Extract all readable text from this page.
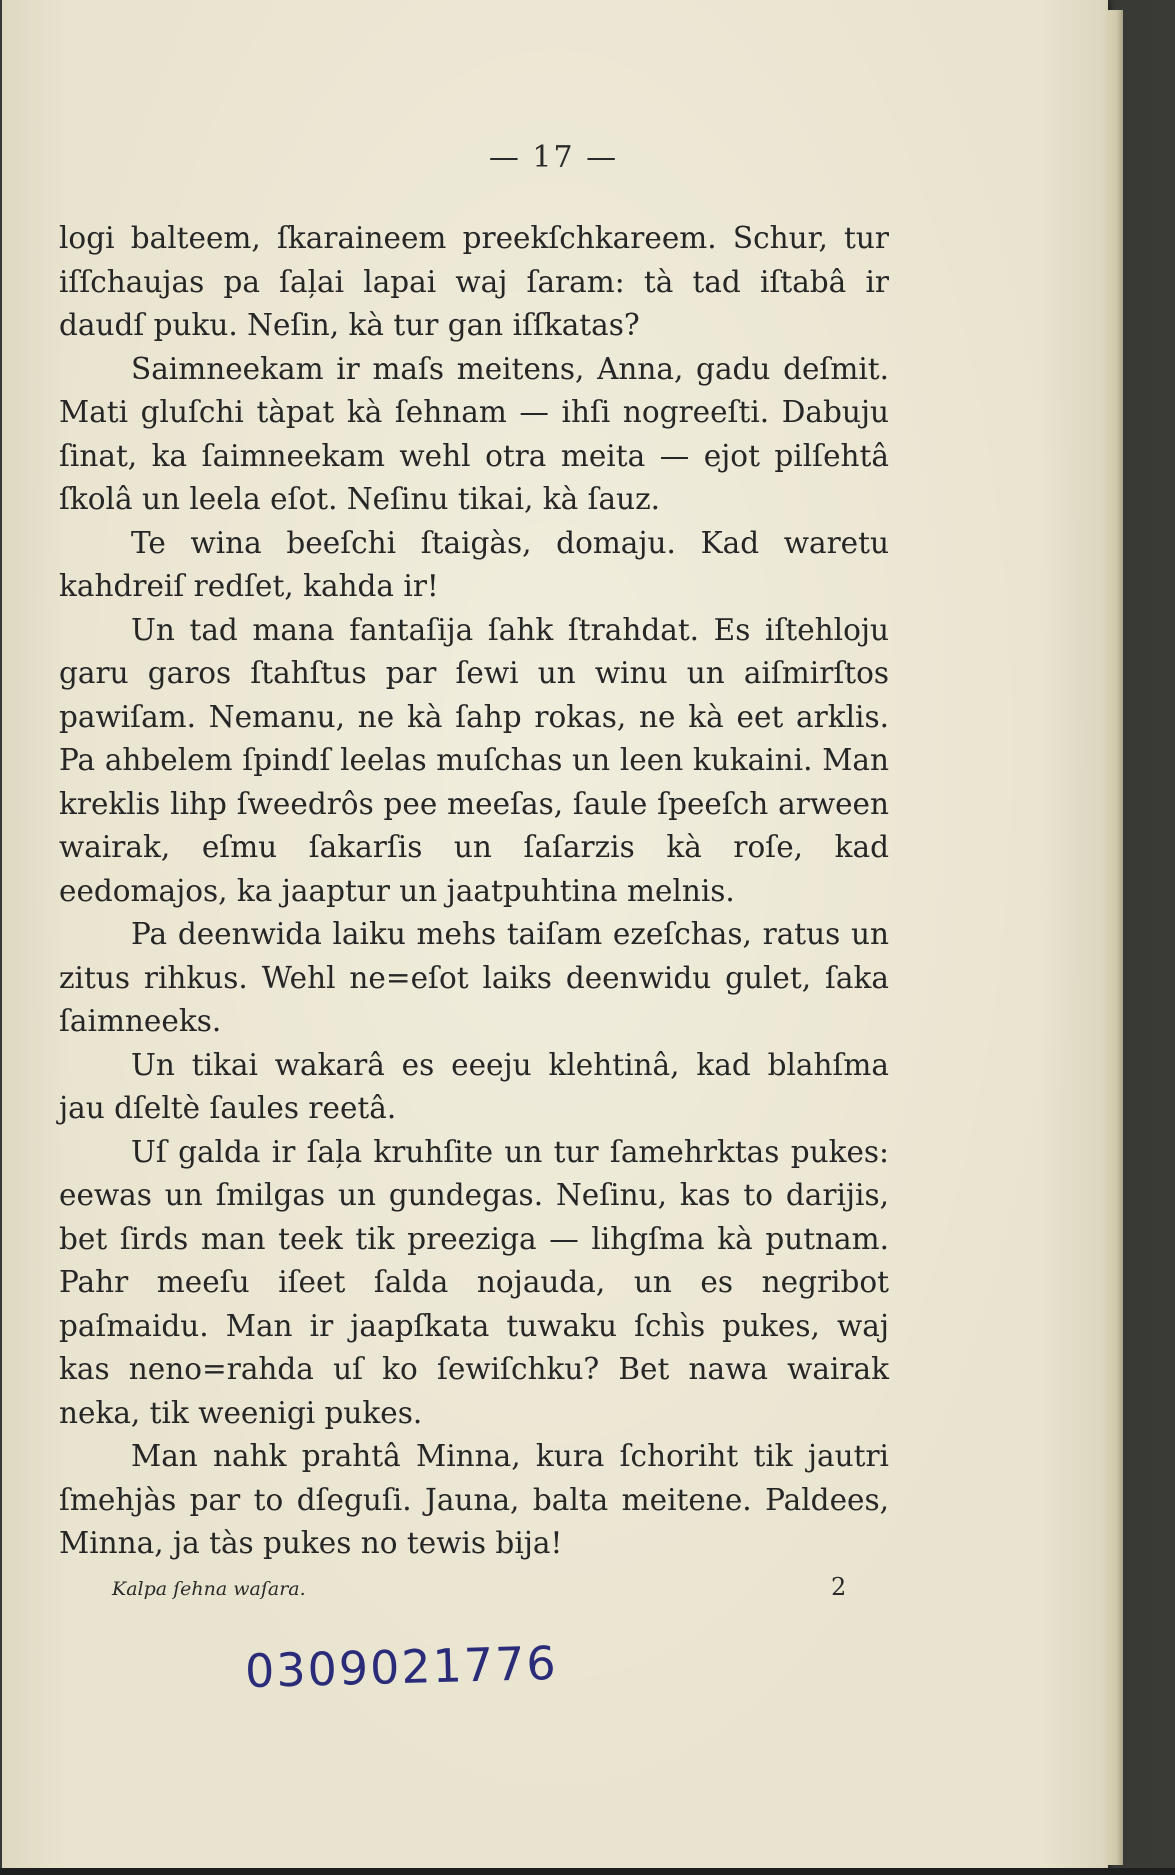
— 17 —

logi balteem, ſkaraineem preekſchkareem. Schur, tur iſſchaujas pa ſaļai lapai waj ſaram: tà tad iſtabâ ir daudſ puku. Neſin, kà tur gan iſſkatas?

Saimneekam ir maſs meitens, Anna, gadu deſmit. Mati gluſchi tàpat kà ſehnam — ihſi nogreeſti. Dabuju ſinat, ka ſaimneekam wehl otra meita — ejot pilſehtâ ſkolâ un leela eſot. Neſinu tikai, kà ſauz.

Te wina beeſchi ſtaigàs, domaju. Kad waretu kahdreiſ redſet, kahda ir!

Un tad mana fantaſija ſahk ſtrahdat. Es iſtehloju garu garos ſtahſtus par ſewi un winu un aiſmirſtos pawiſam. Nemanu, ne kà ſahp rokas, ne kà eet arklis. Pa ahbelem ſpindſ leelas muſchas un leen kukaini. Man kreklis lihp ſweedrôs pee meeſas, ſaule ſpeeſch arween wairak, eſmu ſakarſis un ſaſarzis kà roſe, kad eedomajos, ka jaaptur un jaatpuhtina melnis.

Pa deenwida laiku mehs taiſam ezeſchas, ratus un zitus rihkus. Wehl ne=eſot laiks deenwidu gulet, ſaka ſaimneeks.

Un tikai wakarâ es eeeju klehtinâ, kad blahſma jau dſeltè ſaules reetâ.

Uſ galda ir ſaļa kruhſite un tur ſamehrktas pukes: eewas un ſmilgas un gundegas. Neſinu, kas to darijis, bet ſirds man teek tik preeziga — lihgſma kà putnam. Pahr meeſu iſeet ſalda nojauda, un es negribot paſmaidu. Man ir jaapſkata tuwaku ſchìs pukes, waj kas neno=rahda uſ ko ſewiſchku? Bet nawa wairak neka, tik weenigi pukes.

Man nahk prahtâ Minna, kura ſchoriht tik jautri ſmehjàs par to dſeguſi. Jauna, balta meitene. Paldees, Minna, ja tàs pukes no tewis bija!

Kalpa ſehna waſara.	2
0309021776
